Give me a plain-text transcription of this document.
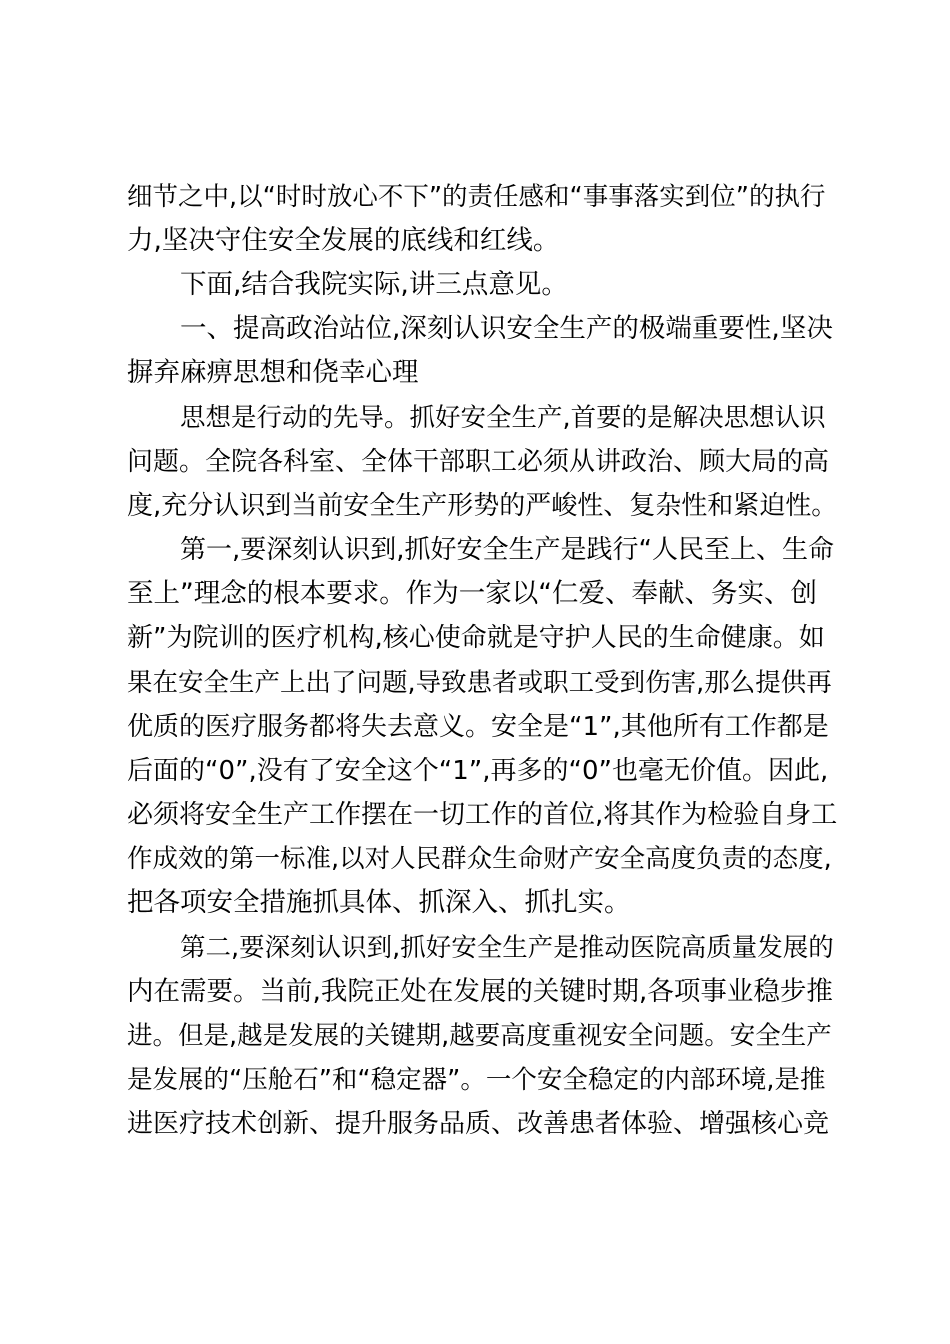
细节之中,以“时时放心不下”的责任感和“事事落实到位”的执行
力,坚决守住安全发展的底线和红线。
下面,结合我院实际,讲三点意见。
一、提高政治站位,深刻认识安全生产的极端重要性,坚决
摒弃麻痹思想和侥幸心理
思想是行动的先导。抓好安全生产,首要的是解决思想认识
问题。全院各科室、全体干部职工必须从讲政治、顾大局的高
度,充分认识到当前安全生产形势的严峻性、复杂性和紧迫性。
第一,要深刻认识到,抓好安全生产是践行“人民至上、生命
至上”理念的根本要求。作为一家以“仁爱、奉献、务实、创
新”为院训的医疗机构,核心使命就是守护人民的生命健康。如
果在安全生产上出了问题,导致患者或职工受到伤害,那么提供再
优质的医疗服务都将失去意义。安全是“1”,其他所有工作都是
后面的“0”,没有了安全这个“1”,再多的“0”也毫无价值。因此,
必须将安全生产工作摆在一切工作的首位,将其作为检验自身工
作成效的第一标准,以对人民群众生命财产安全高度负责的态度,
把各项安全措施抓具体、抓深入、抓扎实。
第二,要深刻认识到,抓好安全生产是推动医院高质量发展的
内在需要。当前,我院正处在发展的关键时期,各项事业稳步推
进。但是,越是发展的关键期,越要高度重视安全问题。安全生产
是发展的“压舱石”和“稳定器”。一个安全稳定的内部环境,是推
进医疗技术创新、提升服务品质、改善患者体验、增强核心竞
